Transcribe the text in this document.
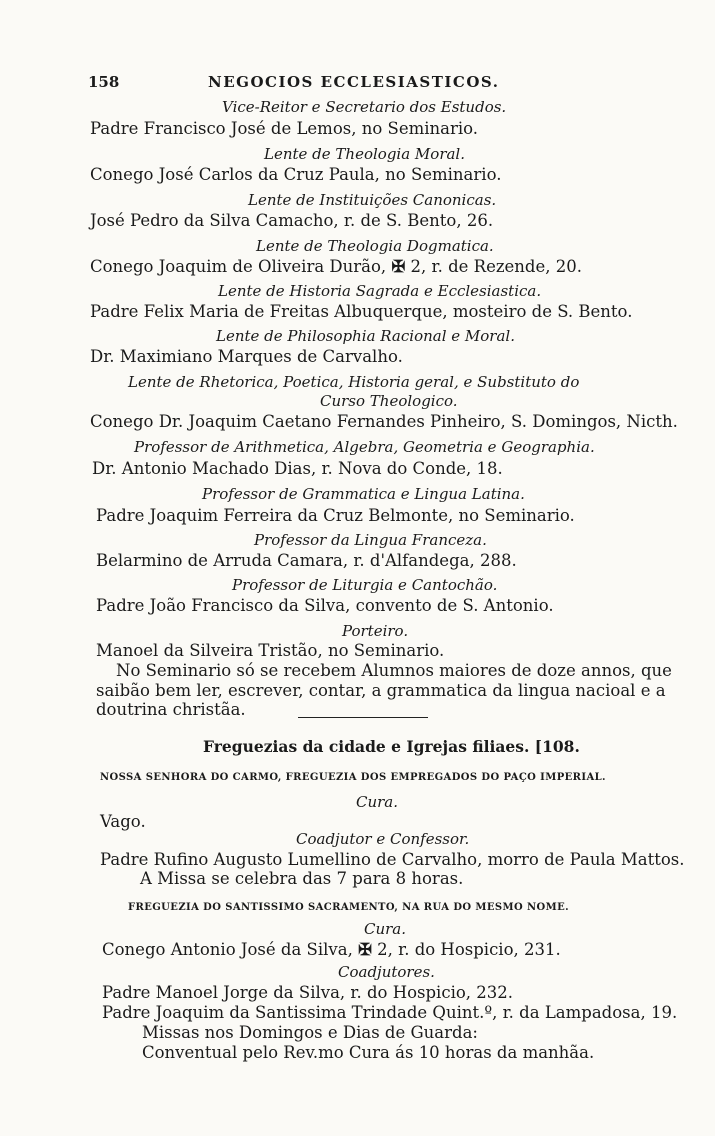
158	NEGOCIOS ECCLESIASTICOS.
Vice-Reitor e Secretario dos Estudos.
Padre Francisco José de Lemos, no Seminario.
Lente de Theologia Moral.
Conego José Carlos da Cruz Paula, no Seminario.
Lente de Instituições Canonicas.
José Pedro da Silva Camacho, r. de S. Bento, 26.
Lente de Theologia Dogmatica.
Conego Joaquim de Oliveira Durão, ✠ 2, r. de Rezende, 20.
Lente de Historia Sagrada e Ecclesiastica.
Padre Felix Maria de Freitas Albuquerque, mosteiro de S. Bento.
Lente de Philosophia Racional e Moral.
Dr. Maximiano Marques de Carvalho.
Lente de Rhetorica, Poetica, Historia geral, e Substituto do
Curso Theologico.
Conego Dr. Joaquim Caetano Fernandes Pinheiro, S. Domingos, Nicth.
Professor de Arithmetica, Algebra, Geometria e Geographia.
Dr. Antonio Machado Dias, r. Nova do Conde, 18.
Professor de Grammatica e Lingua Latina.
Padre Joaquim Ferreira da Cruz Belmonte, no Seminario.
Professor da Lingua Franceza.
Belarmino de Arruda Camara, r. d'Alfandega, 288.
Professor de Liturgia e Cantochão.
Padre João Francisco da Silva, convento de S. Antonio.
Porteiro.
Manoel da Silveira Tristão, no Seminario.
No Seminario só se recebem Alumnos maiores de doze annos, que
saibão bem ler, escrever, contar, a grammatica da lingua nacioal e a
doutrina christãa.
Freguezias da cidade e Igrejas filiaes. [108.
NOSSA SENHORA DO CARMO, FREGUEZIA DOS EMPREGADOS DO PAÇO IMPERIAL.
Cura.
Vago.
Coadjutor e Confessor.
Padre Rufino Augusto Lumellino de Carvalho, morro de Paula Mattos.
A Missa se celebra das 7 para 8 horas.
FREGUEZIA DO SANTISSIMO SACRAMENTO, NA RUA DO MESMO NOME.
Cura.
Conego Antonio José da Silva, ✠ 2, r. do Hospicio, 231.
Coadjutores.
Padre Manoel Jorge da Silva, r. do Hospicio, 232.
Padre Joaquim da Santissima Trindade Quint.º, r. da Lampadosa, 19.
Missas nos Domingos e Dias de Guarda:
Conventual pelo Rev.mo Cura ás 10 horas da manhãa.
